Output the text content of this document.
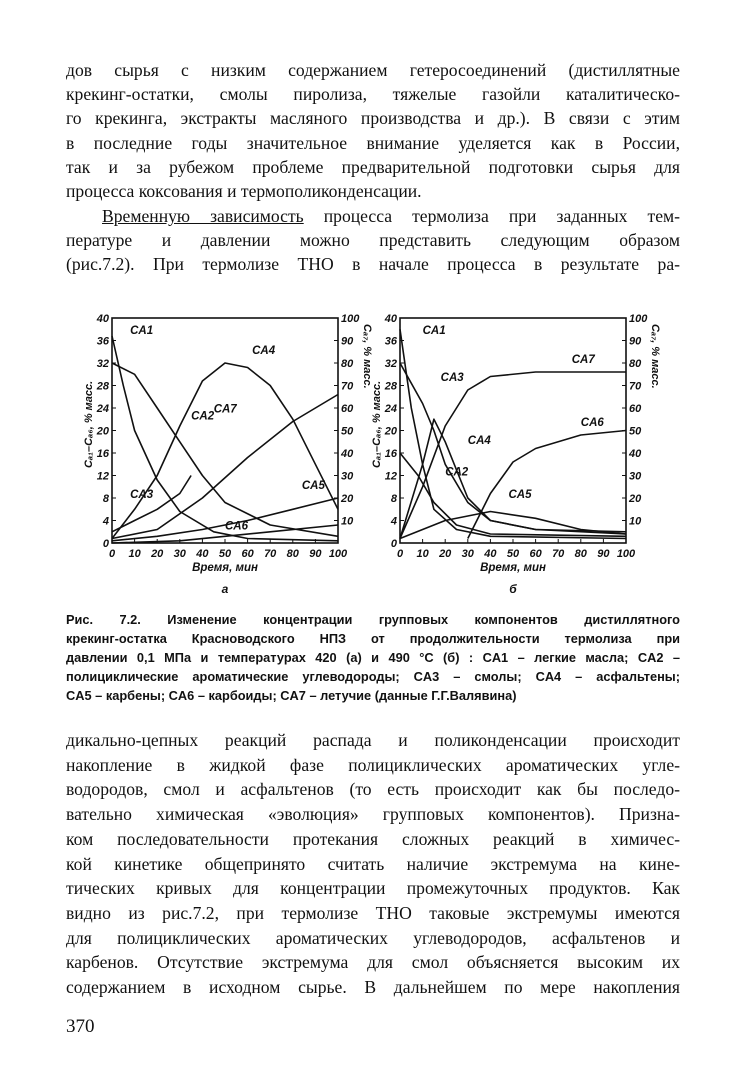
дов сырья с низким содержанием гетеросоединений (дистиллятные
крекинг-остатки, смолы пиролиза, тяжелые газойли каталитическо-
го крекинга, экстракты масляного производства и др.). В связи с этим
в последние годы значительное внимание уделяется как в России,
так и за рубежом проблеме предварительной подготовки сырья для
процесса коксования и термополиконденсации.
Временную зависимость процесса термолиза при заданных тем-
пературе и давлении можно представить следующим образом
(рис.7.2). При термолизе ТНО в начале процесса в результате ра-
0 10 20 30 40 50 60 70 80 90 100
0
4
8
12
16
20
24
28
32
36
40
10
20
30
40
50
60
70
80
90
100
Время, мин
а
Cₐ₁–Cₐ₆, % масс.
Cₐ₇, % масс.
0 10 20 30 40 50 60 70 80 90 100
0
4
8
12
16
20
24
28
32
36
40
10
20
30
40
50
60
70
80
90
100
Время, мин
б
Cₐ₁–Cₐ₆, % масс.
Cₐ₇, % масс.
CA1
CA2
CA3
CA4
CA5
CA6
CA7
CA1
CA2
CA3
CA4
CA5
CA6
CA7
Рис. 7.2. Изменение концентрации групповых компонентов дистиллятного
крекинг-остатка Красноводского НПЗ от продолжительности термолиза при
давлении 0,1 МПа и температурах 420 (а) и 490 °С (б) : CA1 – легкие масла; CA2 –
полициклические ароматические углеводороды; CA3 – смолы; CA4 – асфальтены;
CA5 – карбены; CA6 – карбоиды; CA7 – летучие (данные Г.Г.Валявина)
дикально-цепных реакций распада и поликонденсации происходит
накопление в жидкой фазе полициклических ароматических угле-
водородов, смол и асфальтенов (то есть происходит как бы последо-
вательно химическая «эволюция» групповых компонентов). Призна-
ком последовательности протекания сложных реакций в химичес-
кой кинетике общепринято считать наличие экстремума на кине-
тических кривых для концентрации промежуточных продуктов. Как
видно из рис.7.2, при термолизе ТНО таковые экстремумы имеются
для полициклических ароматических углеводородов, асфальтенов и
карбенов. Отсутствие экстремума для смол объясняется высоким их
содержанием в исходном сырье. В дальнейшем по мере накопления
370
